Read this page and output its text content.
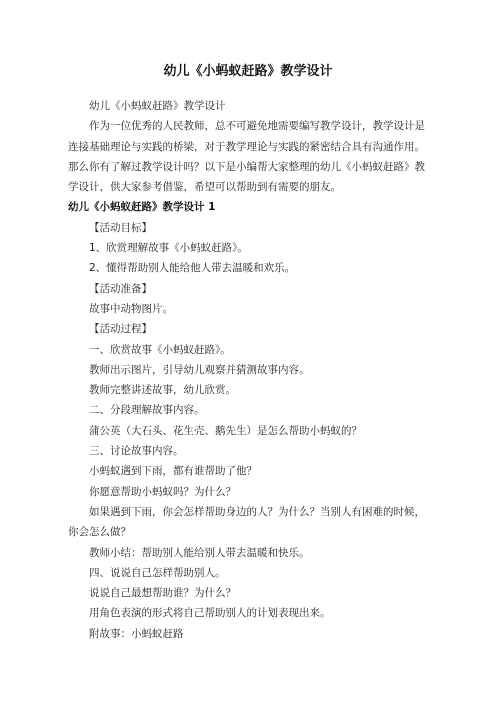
幼儿《小蚂蚁赶路》教学设计

幼儿《小蚂蚁赶路》教学设计

作为一位优秀的人民教师，总不可避免地需要编写教学设计，教学设计是连接基础理论与实践的桥梁，对于教学理论与实践的紧密结合具有沟通作用。那么你有了解过教学设计吗？以下是小编帮大家整理的幼儿《小蚂蚁赶路》教学设计，供大家参考借鉴，希望可以帮助到有需要的朋友。

幼儿《小蚂蚁赶路》教学设计 1

【活动目标】

1、欣赏理解故事《小蚂蚁赶路》。

2、懂得帮助别人能给他人带去温暖和欢乐。

【活动准备】

故事中动物图片。

【活动过程】

一、欣赏故事《小蚂蚁赶路》。

教师出示图片，引导幼儿观察并猜测故事内容。

教师完整讲述故事，幼儿欣赏。

二、分段理解故事内容。

蒲公英（大石头、花生壳、鹅先生）是怎么帮助小蚂蚁的？

三、讨论故事内容。

小蚂蚁遇到下雨，都有谁帮助了他？

你愿意帮助小蚂蚁吗？为什么？

如果遇到下雨，你会怎样帮助身边的人？为什么？当别人有困难的时候，你会怎么做？

教师小结：帮助别人能给别人带去温暖和快乐。

四、说说自己怎样帮助别人。

说说自己最想帮助谁？为什么？

用角色表演的形式将自己帮助别人的计划表现出来。

附故事：小蚂蚁赶路
